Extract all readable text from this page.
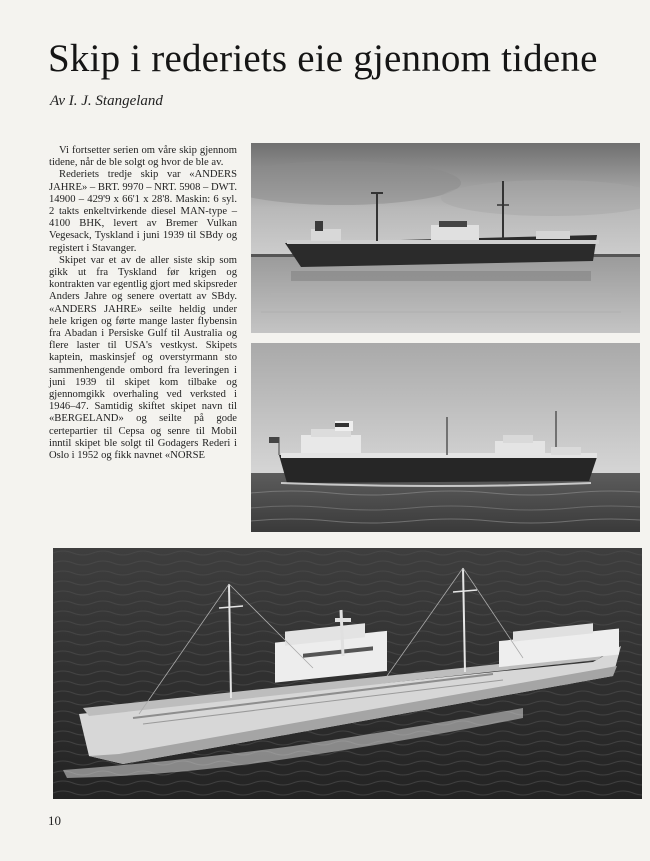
Skip i rederiets eie gjennom tidene
Av I. J. Stangeland

Vi fortsetter serien om våre skip gjennom tidene, når de ble solgt og hvor de ble av.

Rederiets tredje skip var «ANDERS JAHRE» – BRT. 9970 – NRT. 5908 – DWT. 14900 – 429'9 x 66'1 x 28'8. Maskin: 6 syl. 2 takts enkeltvirkende diesel MAN-type – 4100 BHK, levert av Bremer Vulkan Vegesack, Tyskland i juni 1939 til SBdy og registert i Stavanger.

Skipet var et av de aller siste skip som gikk ut fra Tyskland før krigen og kontrakten var egentlig gjort med skipsreder Anders Jahre og senere overtatt av SBdy. «ANDERS JAHRE» seilte heldig under hele krigen og førte mange laster flybensin fra Abadan i Persiske Gulf til Australia og flere laster til USA's vestkyst. Skipets kaptein, maskinsjef og overstyrmann sto sammenhengende ombord fra leveringen i juni 1939 til skipet kom tilbake og gjennomgikk overhaling ved verksted i 1946–47. Samtidig skiftet skipet navn til «BERGELAND» og seilte på gode certepartier til Cepsa og senre til Mobil inntil skipet ble solgt til Godagers Rederi i Oslo i 1952 og fikk navnet «NORSE

10
